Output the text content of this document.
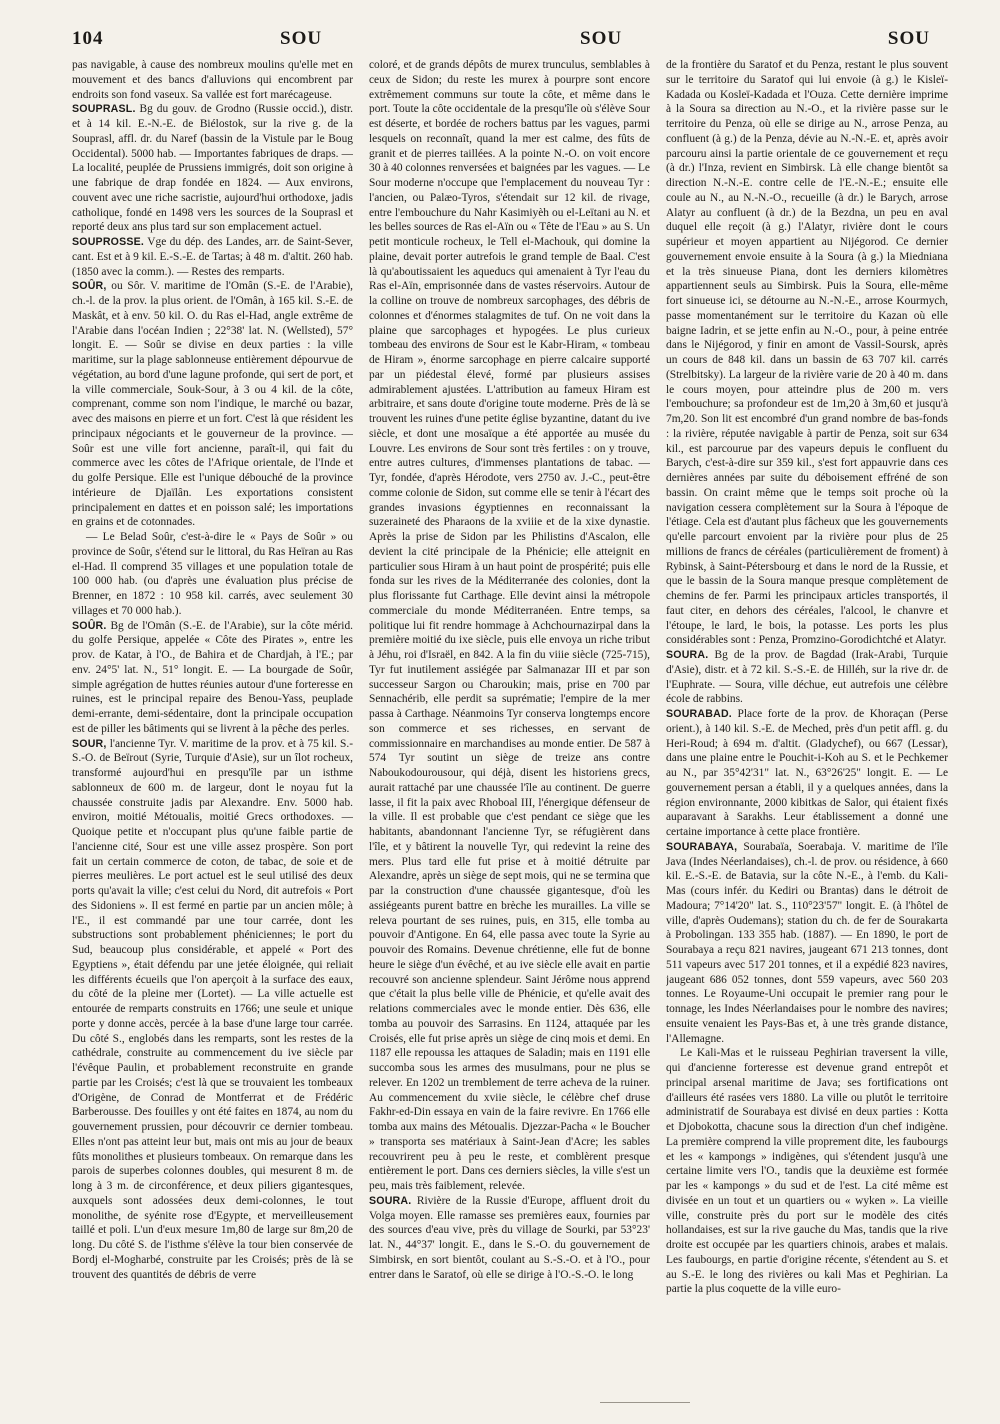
104	SOU	SOU	SOU

pas navigable, à cause des nombreux moulins qu'elle met en mouvement et des bancs d'alluvions qui encombrent par endroits son fond vaseux. Sa vallée est fort marécageuse.

SOUPRASL. Bg du gouv. de Grodno (Russie occid.), distr. et à 14 kil. E.-N.-E. de Biélostok, sur la rive g. de la Souprasl, affl. dr. du Naref (bassin de la Vistule par le Boug Occidental). 5000 hab. — Importantes fabriques de draps. — La localité, peuplée de Prussiens immigrés, doit son origine à une fabrique de drap fondée en 1824. — Aux environs, couvent avec une riche sacristie, aujourd'hui orthodoxe, jadis catholique, fondé en 1498 vers les sources de la Souprasl et reporté deux ans plus tard sur son emplacement actuel.

SOUPROSSE. Vge du dép. des Landes, arr. de Saint-Sever, cant. Est et à 9 kil. E.-S.-E. de Tartas; à 48 m. d'altit. 260 hab. (1850 avec la comm.). — Restes des remparts.

SOÛR, ou Sôr. V. maritime de l'Omân (S.-E. de l'Arabie), ch.-l. de la prov. la plus orient. de l'Omân, à 165 kil. S.-E. de Maskât, et à env. 50 kil. O. du Ras el-Had, angle extrême de l'Arabie dans l'océan Indien ; 22°38' lat. N. (Wellsted), 57° longit. E. — Soûr se divise en deux parties : la ville maritime, sur la plage sablonneuse entièrement dépourvue de végétation, au bord d'une lagune profonde, qui sert de port, et la ville commerciale, Souk-Sour, à 3 ou 4 kil. de la côte, comprenant, comme son nom l'indique, le marché ou bazar, avec des maisons en pierre et un fort. C'est là que résident les principaux négociants et le gouverneur de la province. — Soûr est une ville fort ancienne, paraît-il, qui fait du commerce avec les côtes de l'Afrique orientale, de l'Inde et du golfe Persique. Elle est l'unique débouché de la province intérieure de Djaïlân. Les exportations consistent principalement en dattes et en poisson salé; les importations en grains et de cotonnades.

— Le Belad Soûr, c'est-à-dire le « Pays de Soûr » ou province de Soûr, s'étend sur le littoral, du Ras Heïran au Ras el-Had. Il comprend 35 villages et une population totale de 100 000 hab. (ou d'après une évaluation plus précise de Brenner, en 1872 : 10 958 kil. carrés, avec seulement 30 villages et 70 000 hab.).

SOÛR. Bg de l'Omân (S.-E. de l'Arabie), sur la côte mérid. du golfe Persique, appelée « Côte des Pirates », entre les prov. de Katar, à l'O., de Bahira et de Chardjah, à l'E.; par env. 24°5' lat. N., 51° longit. E. — La bourgade de Soûr, simple agrégation de huttes réunies autour d'une forteresse en ruines, est le principal repaire des Benou-Yass, peuplade demi-errante, demi-sédentaire, dont la principale occupation est de piller les bâtiments qui se livrent à la pêche des perles.

SOUR, l'ancienne Tyr. V. maritime de la prov. et à 75 kil. S.-S.-O. de Beïrout (Syrie, Turquie d'Asie), sur un îlot rocheux, transformé aujourd'hui en presqu'île par un isthme sablonneux de 600 m. de largeur, dont le noyau fut la chaussée construite jadis par Alexandre. Env. 5000 hab. environ, moitié Métoualis, moitié Grecs orthodoxes. — Quoique petite et n'occupant plus qu'une faible partie de l'ancienne cité, Sour est une ville assez prospère. Son port fait un certain commerce de coton, de tabac, de soie et de pierres meulières. Le port actuel est le seul utilisé des deux ports qu'avait la ville; c'est celui du Nord, dit autrefois « Port des Sidoniens ». Il est fermé en partie par un ancien môle; à l'E., il est commandé par une tour carrée, dont les substructions sont probablement phéniciennes; le port du Sud, beaucoup plus considérable, et appelé « Port des Egyptiens », était défendu par une jetée éloignée, qui reliait les différents écueils que l'on aperçoit à la surface des eaux, du côté de la pleine mer (Lortet). — La ville actuelle est entourée de remparts construits en 1766; une seule et unique porte y donne accès, percée à la base d'une large tour carrée. Du côté S., englobés dans les remparts, sont les restes de la cathédrale, construite au commencement du ive siècle par l'évêque Paulin, et probablement reconstruite en grande partie par les Croisés; c'est là que se trouvaient les tombeaux d'Origène, de Conrad de Montferrat et de Frédéric Barberousse. Des fouilles y ont été faites en 1874, au nom du gouvernement prussien, pour découvrir ce dernier tombeau. Elles n'ont pas atteint leur but, mais ont mis au jour de beaux fûts monolithes et plusieurs tombeaux. On remarque dans les parois de superbes colonnes doubles, qui mesurent 8 m. de long à 3 m. de circonférence, et deux piliers gigantesques, auxquels sont adossées deux demi-colonnes, le tout monolithe, de syénite rose d'Egypte, et merveilleusement taillé et poli. L'un d'eux mesure 1m,80 de large sur 8m,20 de long. Du côté S. de l'isthme s'élève la tour bien conservée de Bordj el-Mogharbé, construite par les Croisés; près de là se trouvent des quantités de débris de verre

coloré, et de grands dépôts de murex trunculus, semblables à ceux de Sidon; du reste les murex à pourpre sont encore extrêmement communs sur toute la côte, et même dans le port. Toute la côte occidentale de la presqu'île où s'élève Sour est déserte, et bordée de rochers battus par les vagues, parmi lesquels on reconnaît, quand la mer est calme, des fûts de granit et de pierres taillées. A la pointe N.-O. on voit encore 30 à 40 colonnes renversées et baignées par les vagues. — Le Sour moderne n'occupe que l'emplacement du nouveau Tyr : l'ancien, ou Palæo-Tyros, s'étendait sur 12 kil. de rivage, entre l'embouchure du Nahr Kasimiyèh ou el-Leïtani au N. et les belles sources de Ras el-Aïn ou « Tête de l'Eau » au S. Un petit monticule rocheux, le Tell el-Machouk, qui domine la plaine, devait porter autrefois le grand temple de Baal. C'est là qu'aboutissaient les aqueducs qui amenaient à Tyr l'eau du Ras el-Aïn, emprisonnée dans de vastes réservoirs. Autour de la colline on trouve de nombreux sarcophages, des débris de colonnes et d'énormes stalagmites de tuf. On ne voit dans la plaine que sarcophages et hypogées. Le plus curieux tombeau des environs de Sour est le Kabr-Hiram, « tombeau de Hiram », énorme sarcophage en pierre calcaire supporté par un piédestal élevé, formé par plusieurs assises admirablement ajustées. L'attribution au fameux Hiram est arbitraire, et sans doute d'origine toute moderne. Près de là se trouvent les ruines d'une petite église byzantine, datant du ive siècle, et dont une mosaïque a été apportée au musée du Louvre. Les environs de Sour sont très fertiles : on y trouve, entre autres cultures, d'immenses plantations de tabac. — Tyr, fondée, d'après Hérodote, vers 2750 av. J.-C., peut-être comme colonie de Sidon, sut comme elle se tenir à l'écart des grandes invasions égyptiennes en reconnaissant la suzeraineté des Pharaons de la xviiie et de la xixe dynastie. Après la prise de Sidon par les Philistins d'Ascalon, elle devient la cité principale de la Phénicie; elle atteignit en particulier sous Hiram à un haut point de prospérité; puis elle fonda sur les rives de la Méditerranée des colonies, dont la plus florissante fut Carthage. Elle devint ainsi la métropole commerciale du monde Méditerranéen. Entre temps, sa politique lui fit rendre hommage à Achchournazirpal dans la première moitié du ixe siècle, puis elle envoya un riche tribut à Jéhu, roi d'Israël, en 842. A la fin du viiie siècle (725-715), Tyr fut inutilement assiégée par Salmanazar III et par son successeur Sargon ou Charoukin; mais, prise en 700 par Sennachérib, elle perdit sa suprématie; l'empire de la mer passa à Carthage. Néanmoins Tyr conserva longtemps encore son commerce et ses richesses, en servant de commissionnaire en marchandises au monde entier. De 587 à 574 Tyr soutint un siège de treize ans contre Naboukodourousour, qui déjà, disent les historiens grecs, aurait rattaché par une chaussée l'île au continent. De guerre lasse, il fit la paix avec Rhoboal III, l'énergique défenseur de la ville. Il est probable que c'est pendant ce siège que les habitants, abandonnant l'ancienne Tyr, se réfugièrent dans l'île, et y bâtirent la nouvelle Tyr, qui redevint la reine des mers. Plus tard elle fut prise et à moitié détruite par Alexandre, après un siège de sept mois, qui ne se termina que par la construction d'une chaussée gigantesque, d'où les assiégeants purent battre en brèche les murailles. La ville se releva pourtant de ses ruines, puis, en 315, elle tomba au pouvoir d'Antigone. En 64, elle passa avec toute la Syrie au pouvoir des Romains. Devenue chrétienne, elle fut de bonne heure le siège d'un évêché, et au ive siècle elle avait en partie recouvré son ancienne splendeur. Saint Jérôme nous apprend que c'était la plus belle ville de Phénicie, et qu'elle avait des relations commerciales avec le monde entier. Dès 636, elle tomba au pouvoir des Sarrasins. En 1124, attaquée par les Croisés, elle fut prise après un siège de cinq mois et demi. En 1187 elle repoussa les attaques de Saladin; mais en 1191 elle succomba sous les armes des musulmans, pour ne plus se relever. En 1202 un tremblement de terre acheva de la ruiner. Au commencement du xviie siècle, le célèbre chef druse Fakhr-ed-Din essaya en vain de la faire revivre. En 1766 elle tomba aux mains des Métoualis. Djezzar-Pacha « le Boucher » transporta ses matériaux à Saint-Jean d'Acre; les sables recouvrirent peu à peu le reste, et comblèrent presque entièrement le port. Dans ces derniers siècles, la ville s'est un peu, mais très faiblement, relevée.

SOURA. Rivière de la Russie d'Europe, affluent droit du Volga moyen. Elle ramasse ses premières eaux, fournies par des sources d'eau vive, près du village de Sourki, par 53°23' lat. N., 44°37' longit. E., dans le S.-O. du gouvernement de Simbirsk, en sort bientôt, coulant au S.-S.-O. et à l'O., pour entrer dans le Saratof, où elle se dirige à l'O.-S.-O. le long

de la frontière du Saratof et du Penza, restant le plus souvent sur le territoire du Saratof qui lui envoie (à g.) le Kisleï-Kadada ou Kosleï-Kadada et l'Ouza. Cette dernière imprime à la Soura sa direction au N.-O., et la rivière passe sur le territoire du Penza, où elle se dirige au N., arrose Penza, au confluent (à g.) de la Penza, dévie au N.-N.-E. et, après avoir parcouru ainsi la partie orientale de ce gouvernement et reçu (à dr.) l'Inza, revient en Simbirsk. Là elle change bientôt sa direction N.-N.-E. contre celle de l'E.-N.-E.; ensuite elle coule au N., au N.-N.-O., recueille (à dr.) le Barych, arrose Alatyr au confluent (à dr.) de la Bezdna, un peu en aval duquel elle reçoit (à g.) l'Alatyr, rivière dont le cours supérieur et moyen appartient au Nijégorod. Ce dernier gouvernement envoie ensuite à la Soura (à g.) la Miedniana et la très sinueuse Piana, dont les derniers kilomètres appartiennent seuls au Simbirsk. Puis la Soura, elle-même fort sinueuse ici, se détourne au N.-N.-E., arrose Kourmych, passe momentanément sur le territoire du Kazan où elle baigne Iadrin, et se jette enfin au N.-O., pour, à peine entrée dans le Nijégorod, y finir en amont de Vassil-Soursk, après un cours de 848 kil. dans un bassin de 63 707 kil. carrés (Strelbitsky). La largeur de la rivière varie de 20 à 40 m. dans le cours moyen, pour atteindre plus de 200 m. vers l'embouchure; sa profondeur est de 1m,20 à 3m,60 et jusqu'à 7m,20. Son lit est encombré d'un grand nombre de bas-fonds : la rivière, réputée navigable à partir de Penza, soit sur 634 kil., est parcourue par des vapeurs depuis le confluent du Barych, c'est-à-dire sur 359 kil., s'est fort appauvrie dans ces dernières années par suite du déboisement effréné de son bassin. On craint même que le temps soit proche où la navigation cessera complètement sur la Soura à l'époque de l'étiage. Cela est d'autant plus fâcheux que les gouvernements qu'elle parcourt envoient par la rivière pour plus de 25 millions de francs de céréales (particulièrement de froment) à Rybinsk, à Saint-Pétersbourg et dans le nord de la Russie, et que le bassin de la Soura manque presque complètement de chemins de fer. Parmi les principaux articles transportés, il faut citer, en dehors des céréales, l'alcool, le chanvre et l'étoupe, le lard, le bois, la potasse. Les ports les plus considérables sont : Penza, Promzino-Gorodichtché et Alatyr.

SOURA. Bg de la prov. de Bagdad (Irak-Arabi, Turquie d'Asie), distr. et à 72 kil. S.-S.-E. de Hilléh, sur la rive dr. de l'Euphrate. — Soura, ville déchue, eut autrefois une célèbre école de rabbins.

SOURABAD. Place forte de la prov. de Khoraçan (Perse orient.), à 140 kil. S.-E. de Meched, près d'un petit affl. g. du Heri-Roud; à 694 m. d'altit. (Gladychef), ou 667 (Lessar), dans une plaine entre le Pouchit-i-Koh au S. et le Pechkemer au N., par 35°42'31" lat. N., 63°26'25" longit. E. — Le gouvernement persan a établi, il y a quelques années, dans la région environnante, 2000 kibitkas de Salor, qui étaient fixés auparavant à Sarakhs. Leur établissement a donné une certaine importance à cette place frontière.

SOURABAYA, Sourabaïa, Soerabaja. V. maritime de l'île Java (Indes Néerlandaises), ch.-l. de prov. ou résidence, à 660 kil. E.-S.-E. de Batavia, sur la côte N.-E., à l'emb. du Kali-Mas (cours infér. du Kediri ou Brantas) dans le détroit de Madoura; 7°14'20" lat. S., 110°23'57" longit. E. (à l'hôtel de ville, d'après Oudemans); station du ch. de fer de Sourakarta à Probolingan. 133 355 hab. (1887). — En 1890, le port de Sourabaya a reçu 821 navires, jaugeant 671 213 tonnes, dont 511 vapeurs avec 517 201 tonnes, et il a expédié 823 navires, jaugeant 686 052 tonnes, dont 559 vapeurs, avec 560 203 tonnes. Le Royaume-Uni occupait le premier rang pour le tonnage, les Indes Néerlandaises pour le nombre des navires; ensuite venaient les Pays-Bas et, à une très grande distance, l'Allemagne.

Le Kali-Mas et le ruisseau Peghirian traversent la ville, qui d'ancienne forteresse est devenue grand entrepôt et principal arsenal maritime de Java; ses fortifications ont d'ailleurs été rasées vers 1880. La ville ou plutôt le territoire administratif de Sourabaya est divisé en deux parties : Kotta et Djobokotta, chacune sous la direction d'un chef indigène. La première comprend la ville proprement dite, les faubourgs et les « kampongs » indigènes, qui s'étendent jusqu'à une certaine limite vers l'O., tandis que la deuxième est formée par les « kampongs » du sud et de l'est. La cité même est divisée en un tout et un quartiers ou « wyken ». La vieille ville, construite près du port sur le modèle des cités hollandaises, est sur la rive gauche du Mas, tandis que la rive droite est occupée par les quartiers chinois, arabes et malais. Les faubourgs, en partie d'origine récente, s'étendent au S. et au S.-E. le long des rivières ou kali Mas et Peghirian. La partie la plus coquette de la ville euro-
